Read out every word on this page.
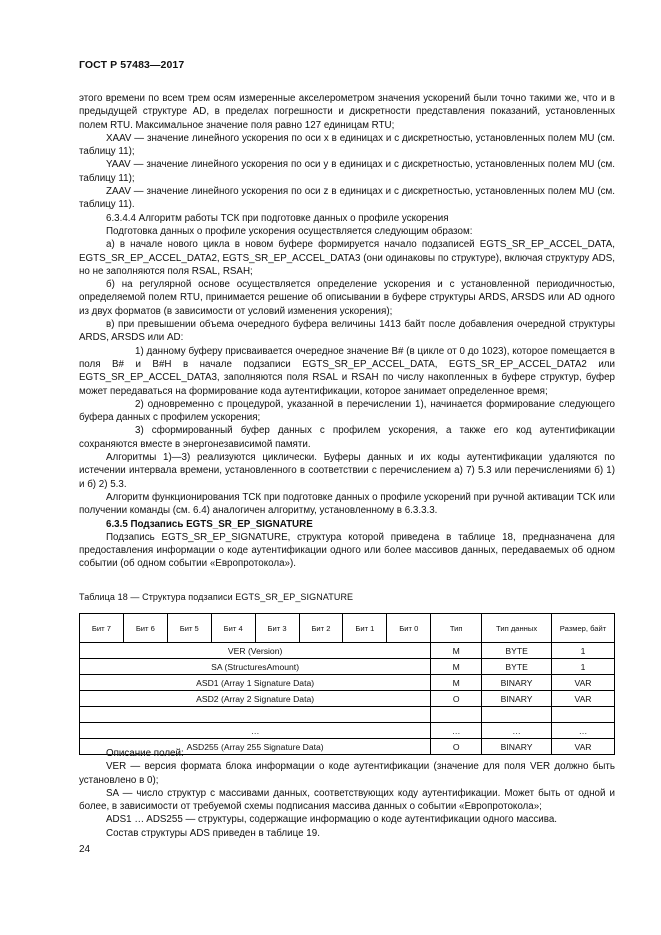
ГОСТ Р 57483—2017

этого времени по всем трем осям измеренные акселерометром значения ускорений были точно такими же, что и в предыдущей структуре AD, в пределах погрешности и дискретности представления показаний, установленных полем RTU. Максимальное значение поля равно 127 единицам RTU;

XAAV — значение линейного ускорения по оси x в единицах и с дискретностью, установленных полем MU (см. таблицу 11);

YAAV — значение линейного ускорения по оси y в единицах и с дискретностью, установленных полем MU (см. таблицу 11);

ZAAV — значение линейного ускорения по оси z в единицах и с дискретностью, установленных полем MU (см. таблицу 11).

6.3.4.4 Алгоритм работы ТСК при подготовке данных о профиле ускорения

Подготовка данных о профиле ускорения осуществляется следующим образом:

а) в начале нового цикла в новом буфере формируется начало подзаписей EGTS_SR_EP_ACCEL_DATA, EGTS_SR_EP_ACCEL_DATA2, EGTS_SR_EP_ACCEL_DATA3 (они одинаковы по структуре), включая структуру ADS, но не заполняются поля RSAL, RSAH;

б) на регулярной основе осуществляется определение ускорения и с установленной периодичностью, определяемой полем RTU, принимается решение об описывании в буфере структуры ARDS, ARSDS или AD одного из двух форматов (в зависимости от условий изменения ускорения);

в) при превышении объема очередного буфера величины 1413 байт после добавления очередной структуры ARDS, ARSDS или AD:

1) данному буферу присваивается очередное значение B# (в цикле от 0 до 1023), которое помещается в поля B# и B#H в начале подзаписи EGTS_SR_EP_ACCEL_DATA, EGTS_SR_EP_ACCEL_DATA2 или EGTS_SR_EP_ACCEL_DATA3, заполняются поля RSAL и RSAH по числу накопленных в буфере структур, буфер может передаваться на формирование кода аутентификации, которое занимает определенное время;

2) одновременно с процедурой, указанной в перечислении 1), начинается формирование следующего буфера данных с профилем ускорения;

3) сформированный буфер данных с профилем ускорения, а также его код аутентификации сохраняются вместе в энергонезависимой памяти.

Алгоритмы 1)—3) реализуются циклически. Буферы данных и их коды аутентификации удаляются по истечении интервала времени, установленного в соответствии с перечислением а) 7) 5.3 или перечислениями б) 1) и б) 2) 5.3.

Алгоритм функционирования ТСК при подготовке данных о профиле ускорений при ручной активации ТСК или получении команды (см. 6.4) аналогичен алгоритму, установленному в 6.3.3.3.

6.3.5 Подзапись EGTS_SR_EP_SIGNATURE

Подзапись EGTS_SR_EP_SIGNATURE, структура которой приведена в таблице 18, предназначена для предоставления информации о коде аутентификации одного или более массивов данных, передаваемых об одном событии (об одном событии «Европротокола»).

Таблица 18 — Структура подзаписи EGTS_SR_EP_SIGNATURE
Бит 7	Бит 6	Бит 5	Бит 4	Бит 3	Бит 2	Бит 1	Бит 0	Тип	Тип данных	Размер, байт
VER (Version)								M	BYTE	1
SA (StructuresAmount)								M	BYTE	1
ASD1 (Array 1 Signature Data)								M	BINARY	VAR
ASD2 (Array 2 Signature Data)								O	BINARY	VAR

…								…	…	…
ASD255 (Array 255 Signature Data)								O	BINARY	VAR

Описание полей:

VER — версия формата блока информации о коде аутентификации (значение для поля VER должно быть установлено в 0);

SA — число структур с массивами данных, соответствующих коду аутентификации. Может быть от одной и более, в зависимости от требуемой схемы подписания массива данных о событии «Европротокола»;

ADS1 … ADS255 — структуры, содержащие информацию о коде аутентификации одного массива.

Состав структуры ADS приведен в таблице 19.

24
